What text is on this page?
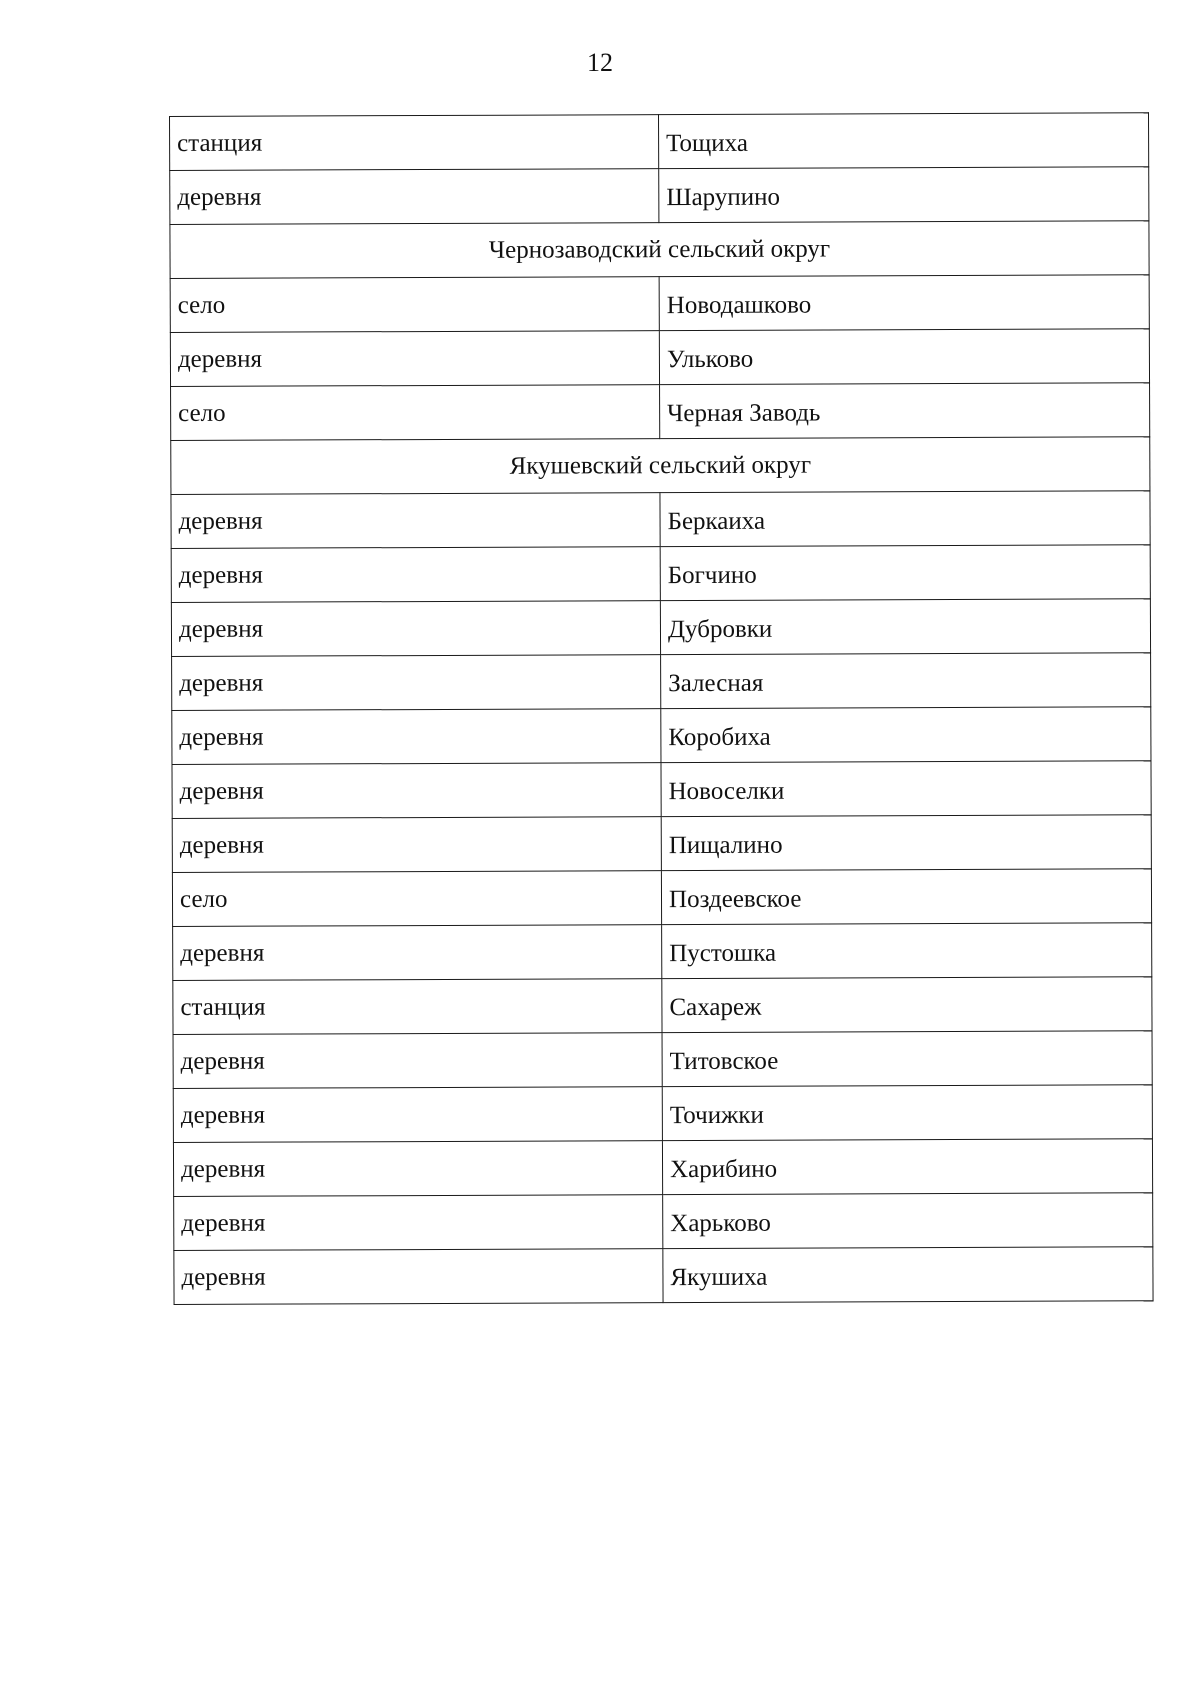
12
станция	Тощиха
деревня	Шарупино
Чернозаводский сельский округ	
село	Новодашково
деревня	Ульково
село	Черная Заводь
Якушевский сельский округ	
деревня	Беркаиха
деревня	Богчино
деревня	Дубровки
деревня	Залесная
деревня	Коробиха
деревня	Новоселки
деревня	Пищалино
село	Поздеевское
деревня	Пустошка
станция	Сахареж
деревня	Титовское
деревня	Точижки
деревня	Харибино
деревня	Харьково
деревня	Якушиха
